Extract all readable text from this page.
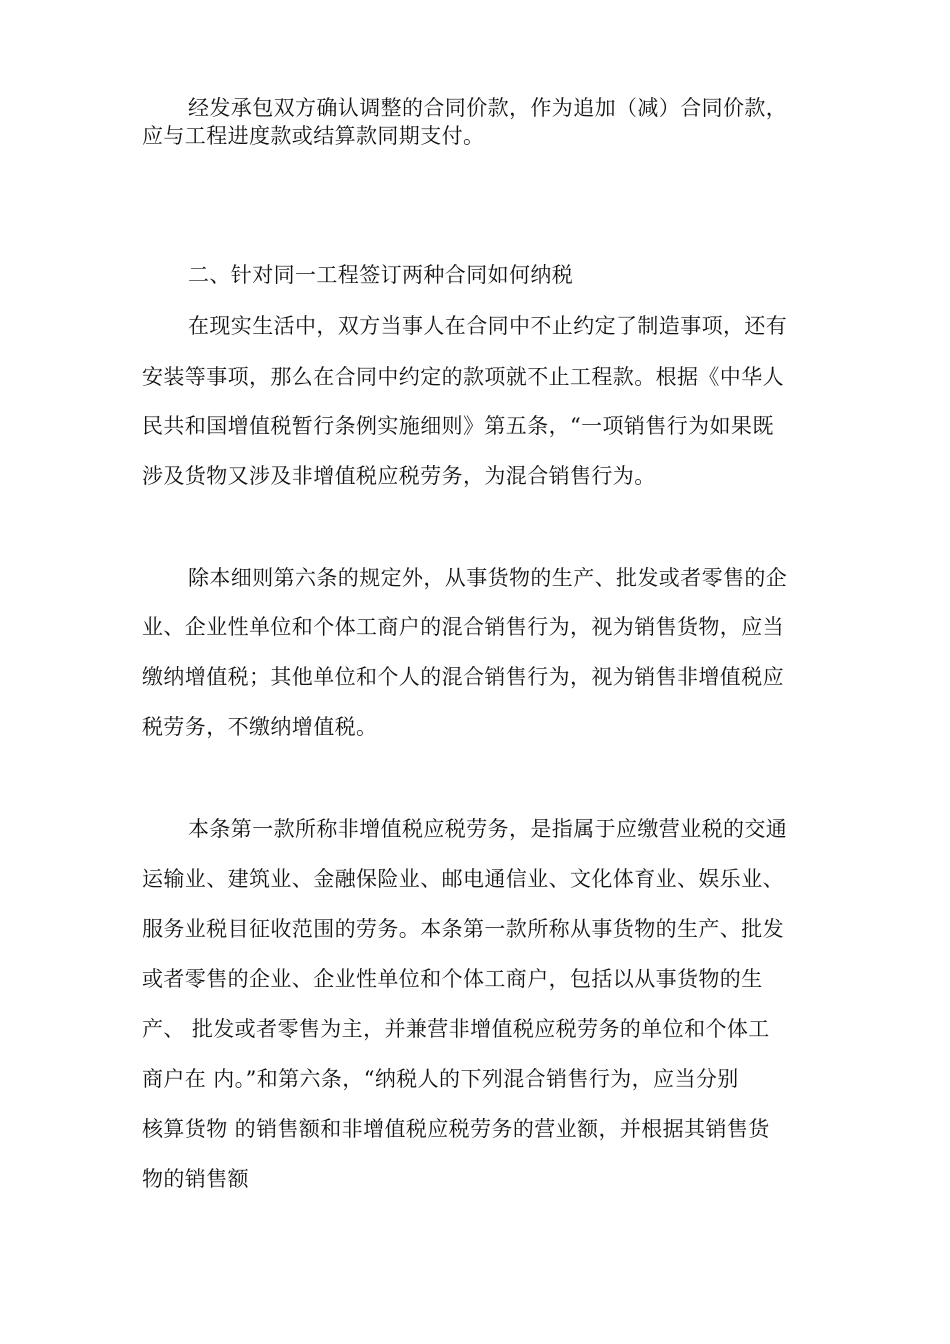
经发承包双方确认调整的合同价款，作为追加（减）合同价款，
应与工程进度款或结算款同期支付。
二、针对同一工程签订两种合同如何纳税
在现实生活中，双方当事人在合同中不止约定了制造事项，还有
安装等事项，那么在合同中约定的款项就不止工程款。根据《中华人
民共和国增值税暂行条例实施细则》第五条，“一项销售行为如果既
涉及货物又涉及非增值税应税劳务，为混合销售行为。
除本细则第六条的规定外，从事货物的生产、批发或者零售的企
业、企业性单位和个体工商户的混合销售行为，视为销售货物，应当
缴纳增值税；其他单位和个人的混合销售行为，视为销售非增值税应
税劳务，不缴纳增值税。
本条第一款所称非增值税应税劳务，是指属于应缴营业税的交通
运输业、建筑业、金融保险业、邮电通信业、文化体育业、娱乐业、
服务业税目征收范围的劳务。本条第一款所称从事货物的生产、批发
或者零售的企业、企业性单位和个体工商户，包括以从事货物的生
产、 批发或者零售为主，并兼营非增值税应税劳务的单位和个体工
商户在 内。”和第六条，“纳税人的下列混合销售行为，应当分别
核算货物 的销售额和非增值税应税劳务的营业额，并根据其销售货
物的销售额
